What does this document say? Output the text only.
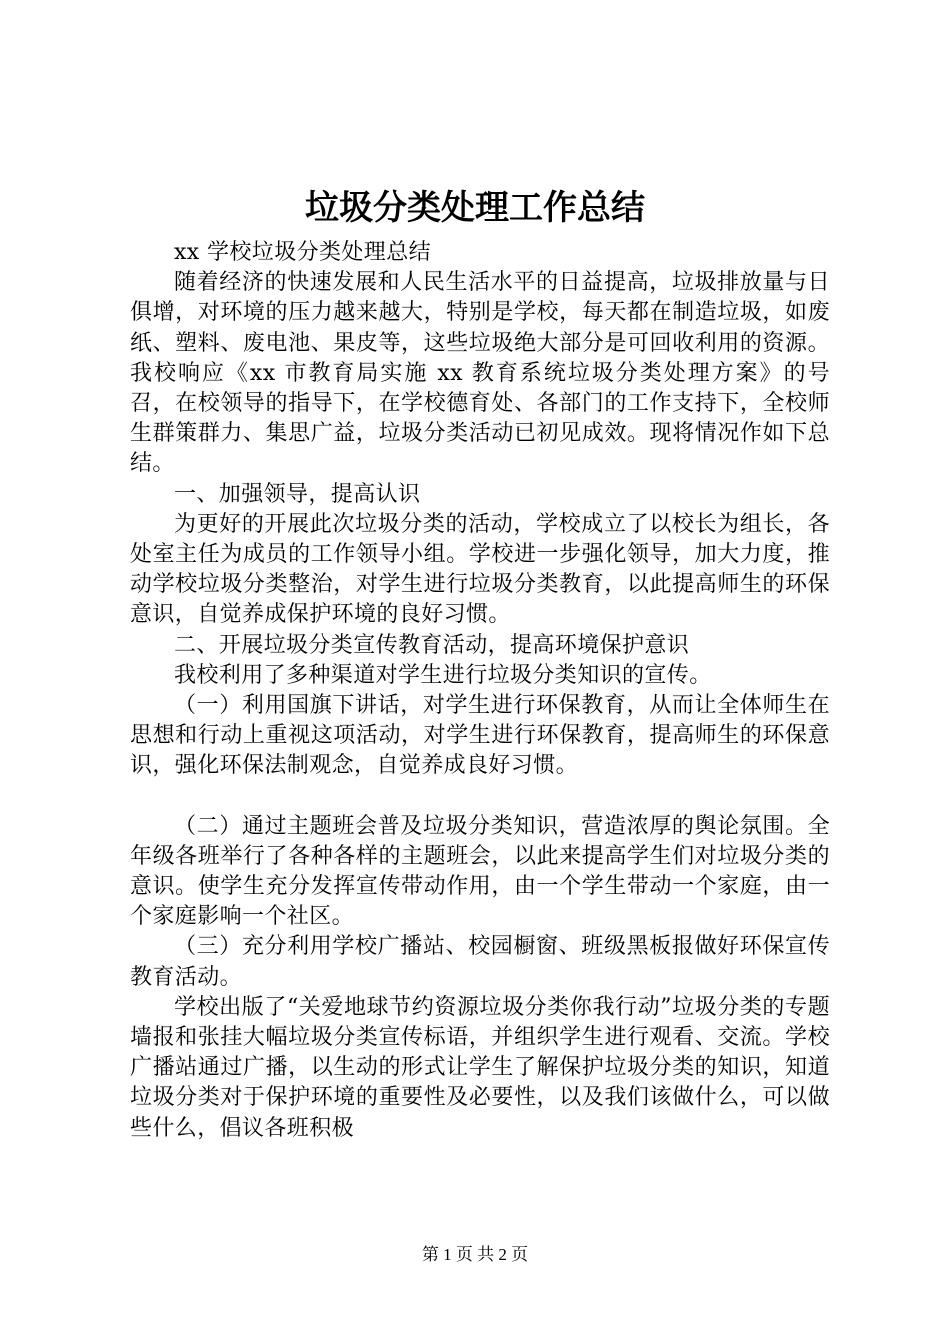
垃圾分类处理工作总结

xx 学校垃圾分类处理总结

随着经济的快速发展和人民生活水平的日益提高，垃圾排放量与日俱增，对环境的压力越来越大，特别是学校，每天都在制造垃圾，如废纸、塑料、废电池、果皮等，这些垃圾绝大部分是可回收利用的资源。我校响应《xx 市教育局实施 xx 教育系统垃圾分类处理方案》的号召，在校领导的指导下，在学校德育处、各部门的工作支持下，全校师生群策群力、集思广益，垃圾分类活动已初见成效。现将情况作如下总结。

一、加强领导，提高认识

为更好的开展此次垃圾分类的活动，学校成立了以校长为组长，各处室主任为成员的工作领导小组。学校进一步强化领导，加大力度，推动学校垃圾分类整治，对学生进行垃圾分类教育，以此提高师生的环保意识，自觉养成保护环境的良好习惯。

二、开展垃圾分类宣传教育活动，提高环境保护意识

我校利用了多种渠道对学生进行垃圾分类知识的宣传。

（一）利用国旗下讲话，对学生进行环保教育，从而让全体师生在思想和行动上重视这项活动，对学生进行环保教育，提高师生的环保意识，强化环保法制观念，自觉养成良好习惯。

（二）通过主题班会普及垃圾分类知识，营造浓厚的舆论氛围。全年级各班举行了各种各样的主题班会，以此来提高学生们对垃圾分类的意识。使学生充分发挥宣传带动作用，由一个学生带动一个家庭，由一个家庭影响一个社区。

（三）充分利用学校广播站、校园橱窗、班级黑板报做好环保宣传教育活动。

学校出版了“关爱地球节约资源垃圾分类你我行动”垃圾分类的专题墙报和张挂大幅垃圾分类宣传标语，并组织学生进行观看、交流。学校广播站通过广播，以生动的形式让学生了解保护垃圾分类的知识，知道垃圾分类对于保护环境的重要性及必要性，以及我们该做什么，可以做些什么，倡议各班积极

第 1 页 共 2 页
